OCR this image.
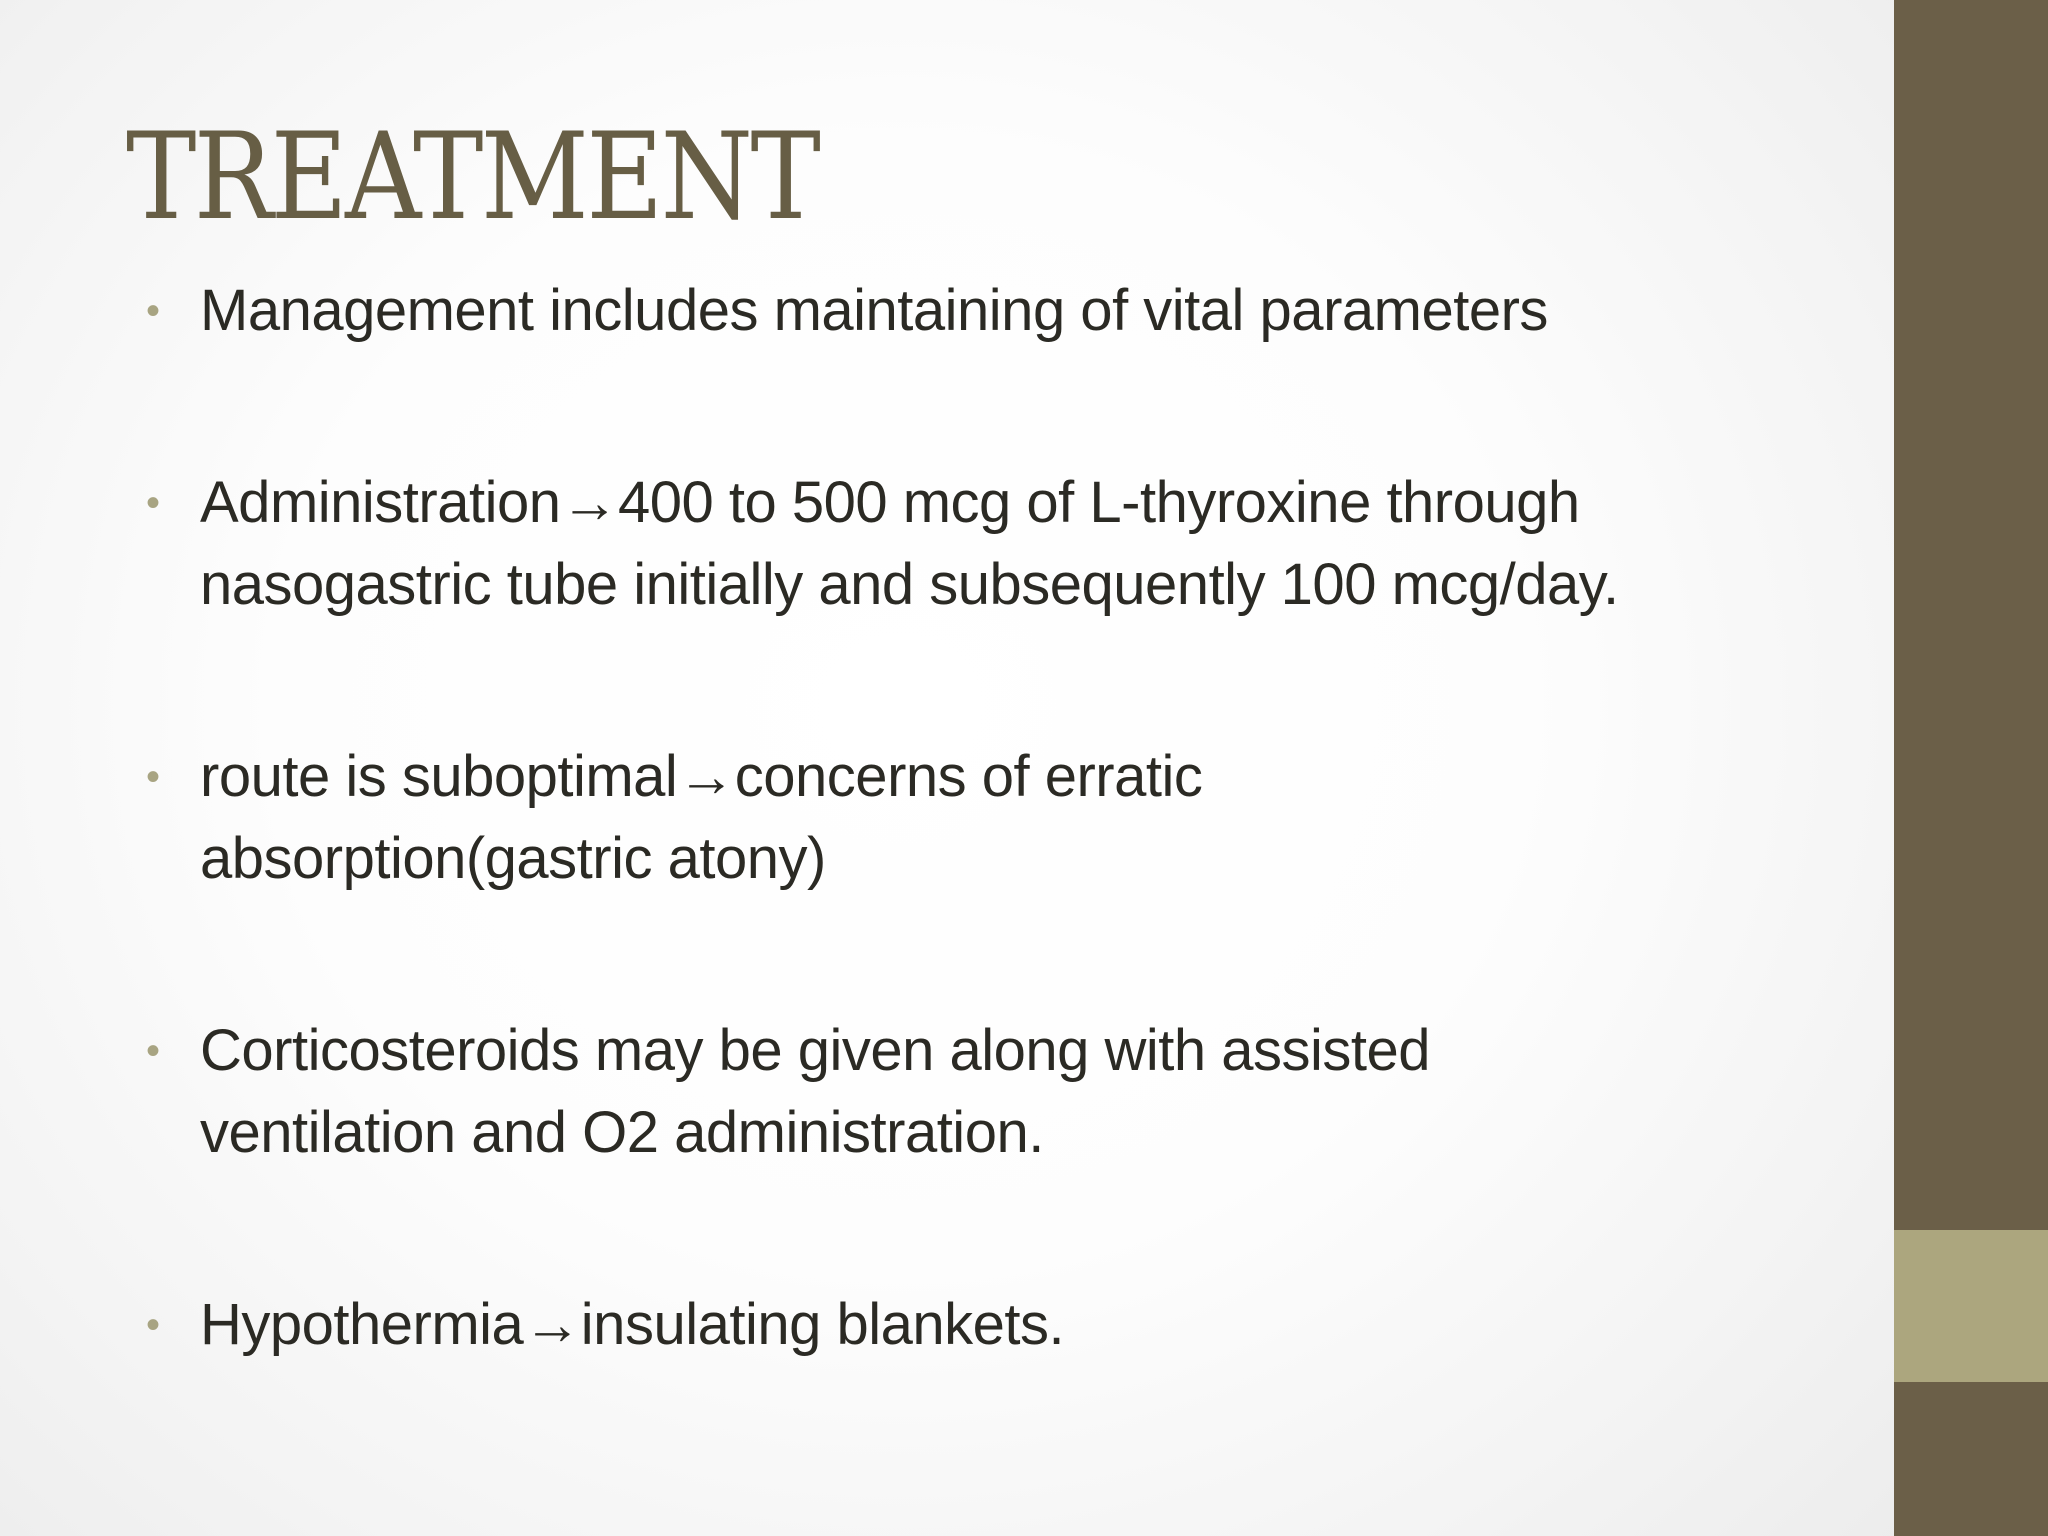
TREATMENT
• Management includes maintaining of vital parameters
• Administration→400 to 500 mcg of L-thyroxine through
nasogastric tube initially and subsequently 100 mcg/day.
• route is suboptimal→concerns of erratic
absorption(gastric atony)
• Corticosteroids may be given along with assisted
ventilation and O2 administration.
• Hypothermia→insulating blankets.
